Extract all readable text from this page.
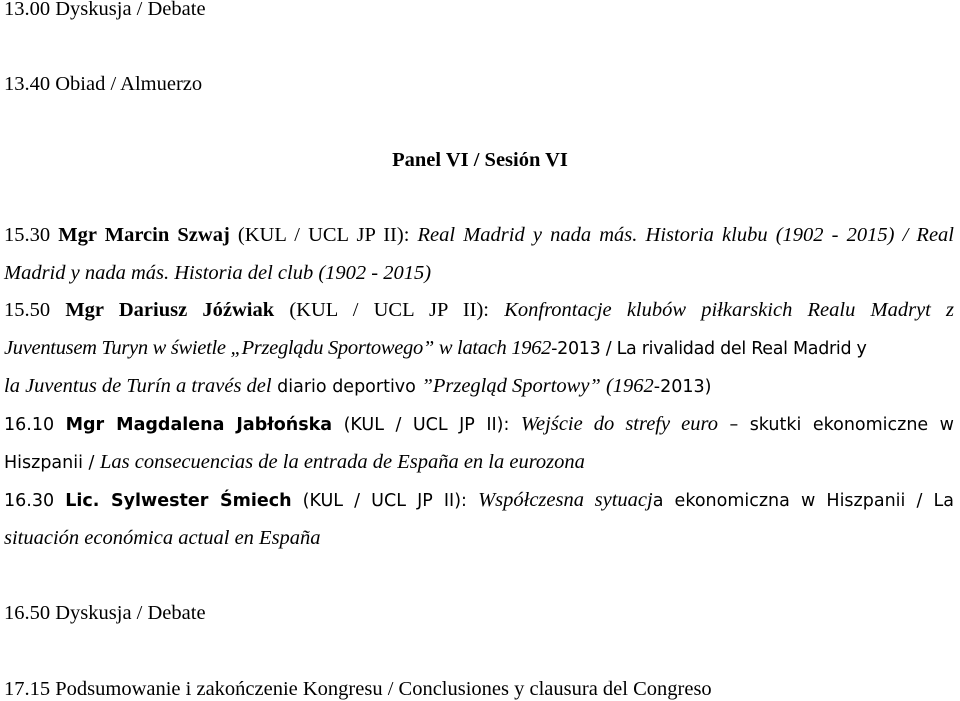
13.00 Dyskusja / Debate
13.40 Obiad / Almuerzo
Panel VI / Sesión VI
15.30 Mgr Marcin Szwaj (KUL / UCL JP II): Real Madrid y nada más. Historia klubu (1902 - 2015) / Real
Madrid y nada más. Historia del club (1902 - 2015)
15.50 Mgr Dariusz Jóźwiak (KUL / UCL JP II): Konfrontacje klubów piłkarskich Realu Madryt z
Juventusem Turyn w świetle „Przeglądu Sportowego” w latach 1962-2013 / La rivalidad del Real Madrid y
la Juventus de Turín a través del diario deportivo ”Przegląd Sportowy” (1962-2013)
16.10 Mgr Magdalena Jabłońska (KUL / UCL JP II): Wejście do strefy euro – skutki ekonomiczne w
Hiszpanii / Las consecuencias de la entrada de España en la eurozona
16.30 Lic. Sylwester Śmiech (KUL / UCL JP II): Współczesna sytuacja ekonomiczna w Hiszpanii / La
situación económica actual en España
16.50 Dyskusja / Debate
17.15 Podsumowanie i zakończenie Kongresu / Conclusiones y clausura del Congreso
